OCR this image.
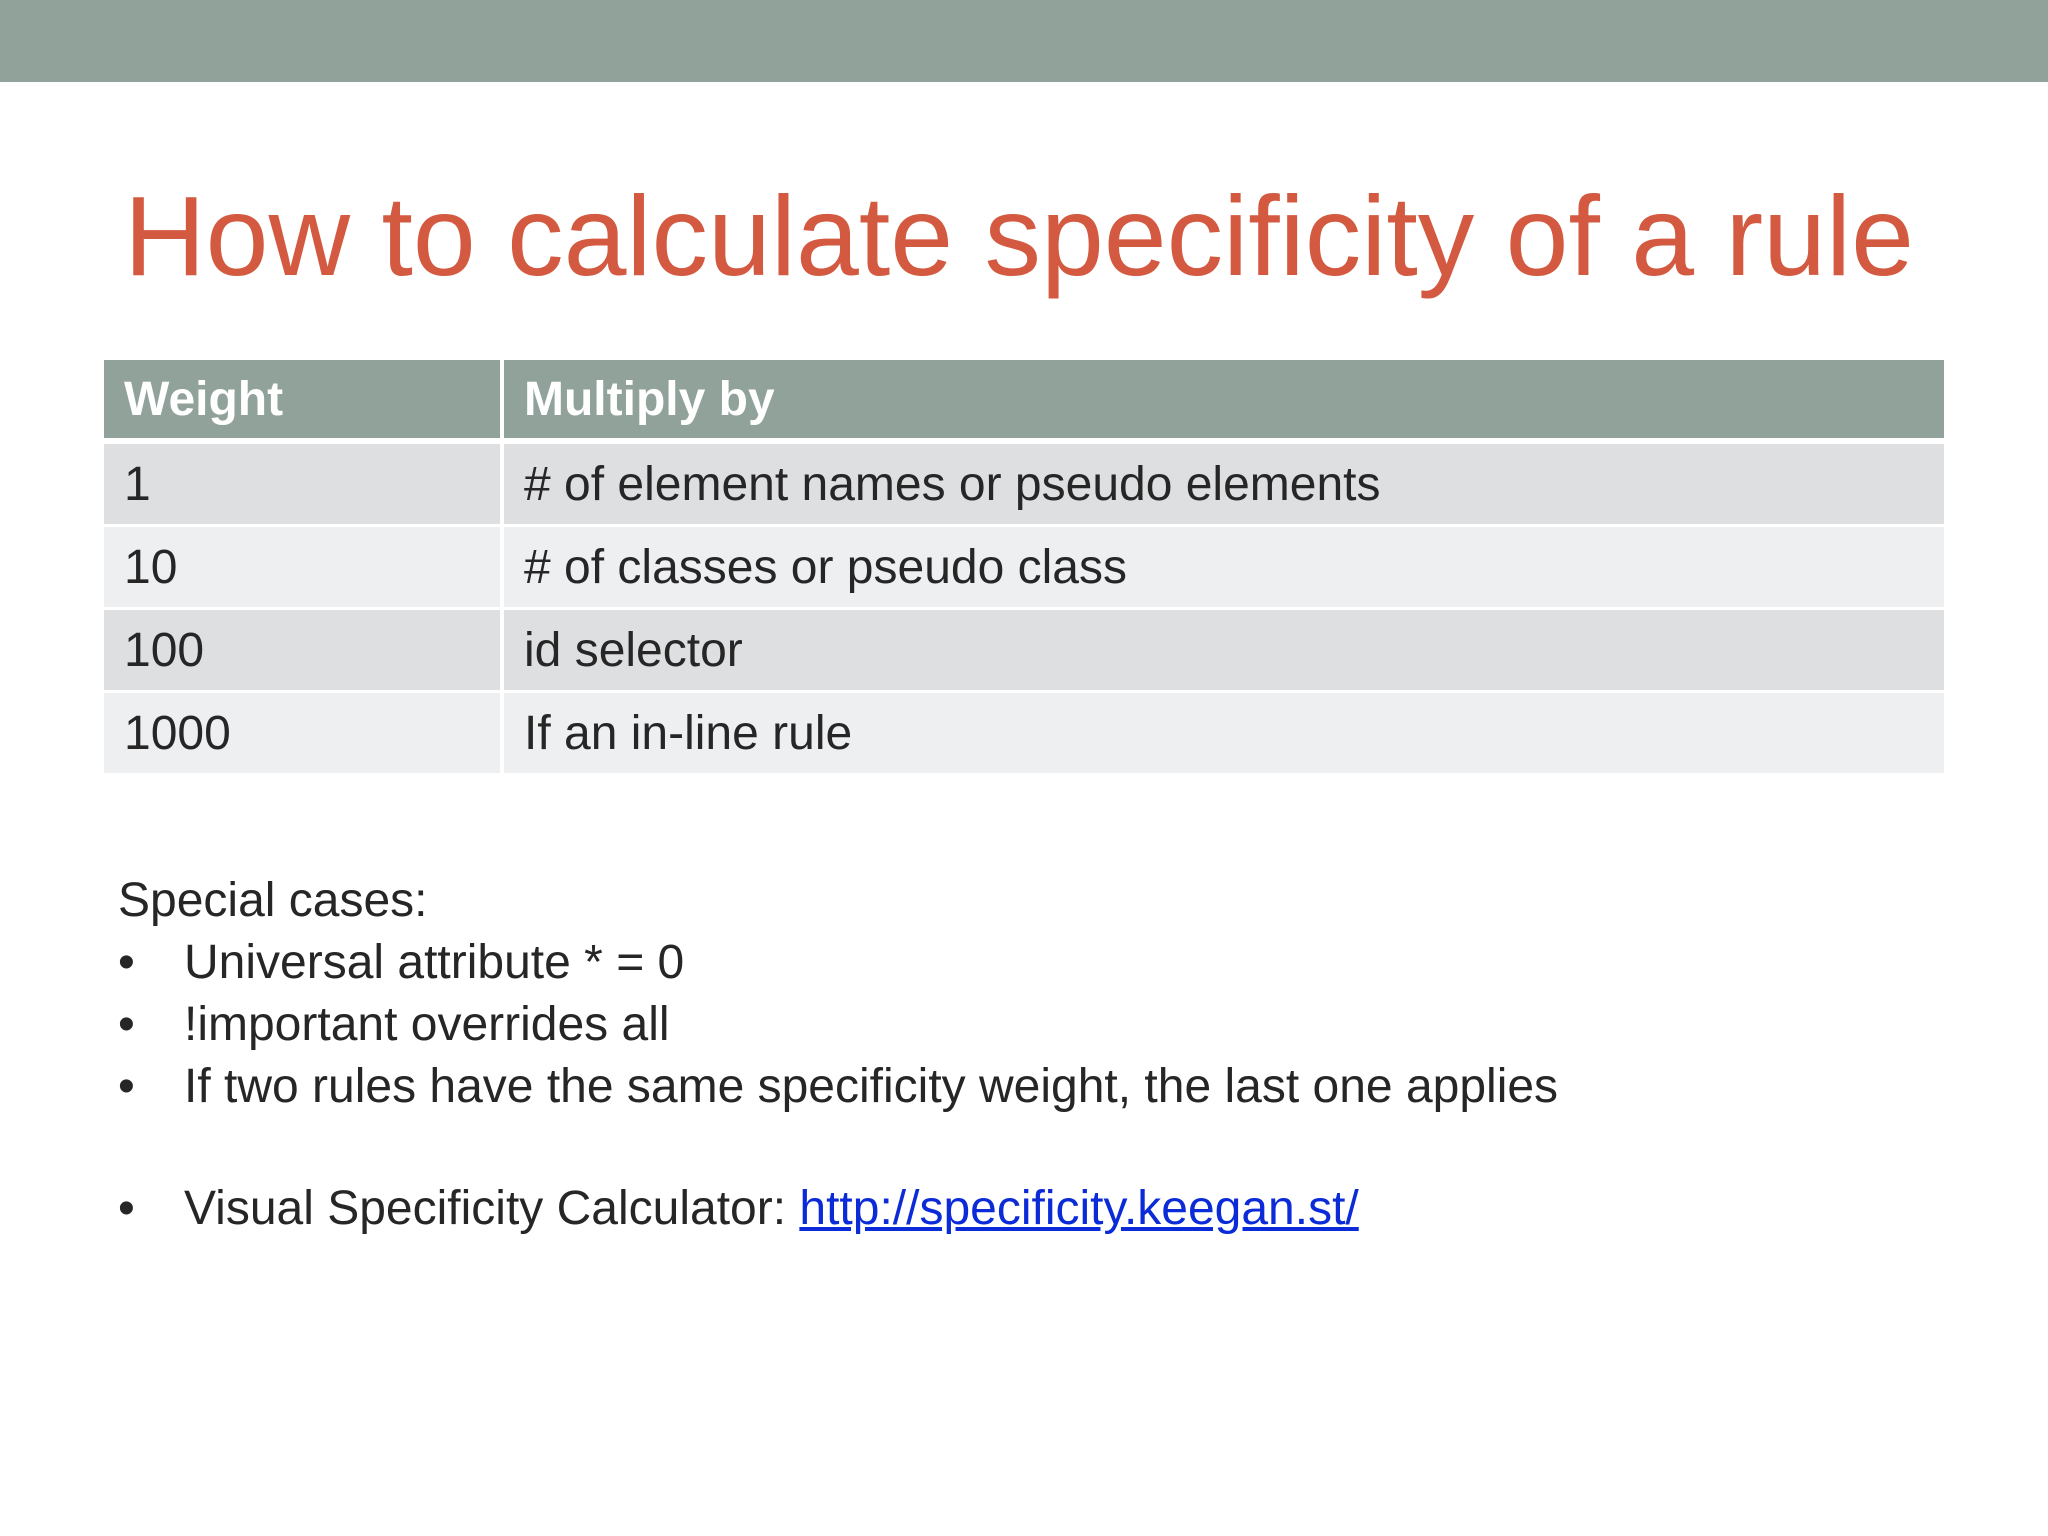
How to calculate specificity of a rule
Weight	Multiply by
1	# of element names or pseudo elements
10	# of classes or pseudo class
100	id selector
1000	If an in-line rule

Special cases:

• Universal attribute * = 0
• !important overrides all
• If two rules have the same specificity weight, the last one applies
• Visual Specificity Calculator: http://specificity.keegan.st/
